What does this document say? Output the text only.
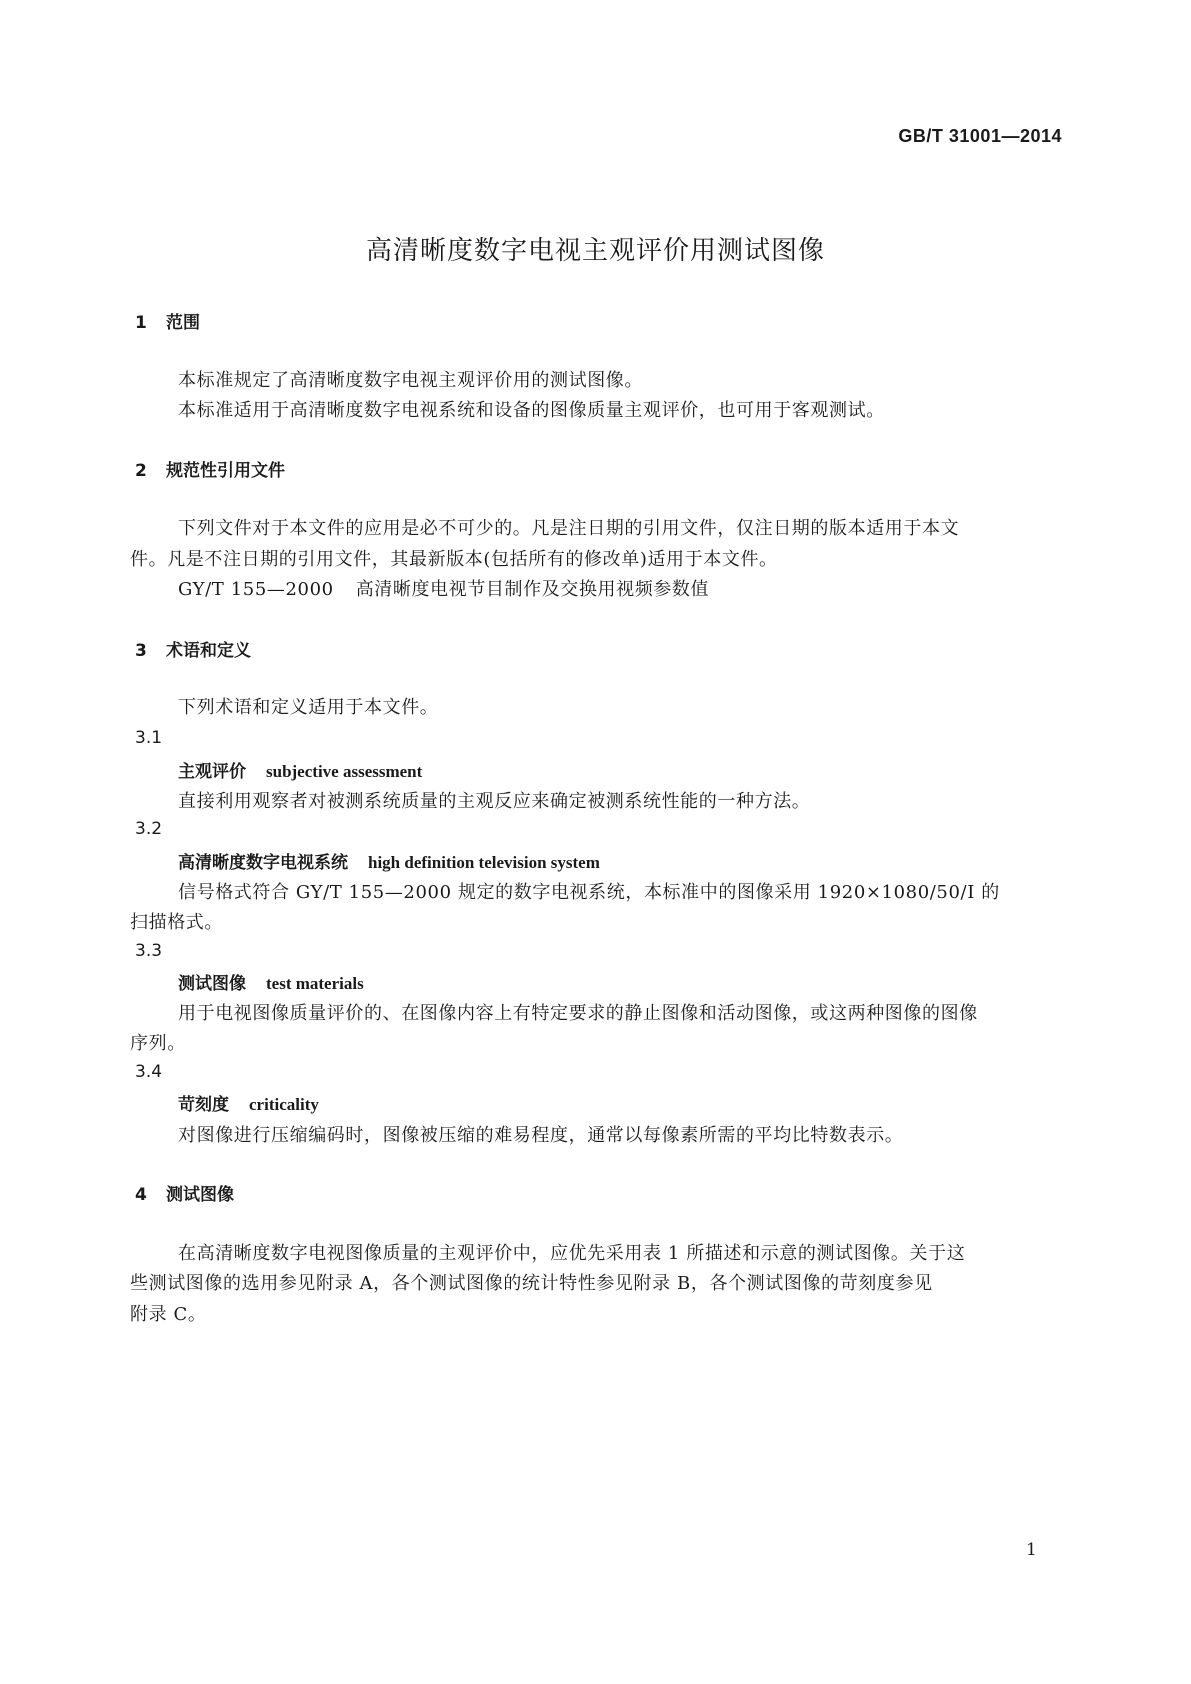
GB/T 31001—2014
高清晰度数字电视主观评价用测试图像
1 范围
本标准规定了高清晰度数字电视主观评价用的测试图像。
本标准适用于高清晰度数字电视系统和设备的图像质量主观评价，也可用于客观测试。
2 规范性引用文件
下列文件对于本文件的应用是必不可少的。凡是注日期的引用文件，仅注日期的版本适用于本文
件。凡是不注日期的引用文件，其最新版本(包括所有的修改单)适用于本文件。
GY/T 155—2000 高清晰度电视节目制作及交换用视频参数值
3 术语和定义
下列术语和定义适用于本文件。
3.1
主观评价 subjective assessment
直接利用观察者对被测系统质量的主观反应来确定被测系统性能的一种方法。
3.2
高清晰度数字电视系统 high definition television system
信号格式符合 GY/T 155—2000 规定的数字电视系统，本标准中的图像采用 1920×1080/50/I 的
扫描格式。
3.3
测试图像 test materials
用于电视图像质量评价的、在图像内容上有特定要求的静止图像和活动图像，或这两种图像的图像
序列。
3.4
苛刻度 criticality
对图像进行压缩编码时，图像被压缩的难易程度，通常以每像素所需的平均比特数表示。
4 测试图像
在高清晰度数字电视图像质量的主观评价中，应优先采用表 1 所描述和示意的测试图像。关于这
些测试图像的选用参见附录 A，各个测试图像的统计特性参见附录 B，各个测试图像的苛刻度参见
附录 C。
1
